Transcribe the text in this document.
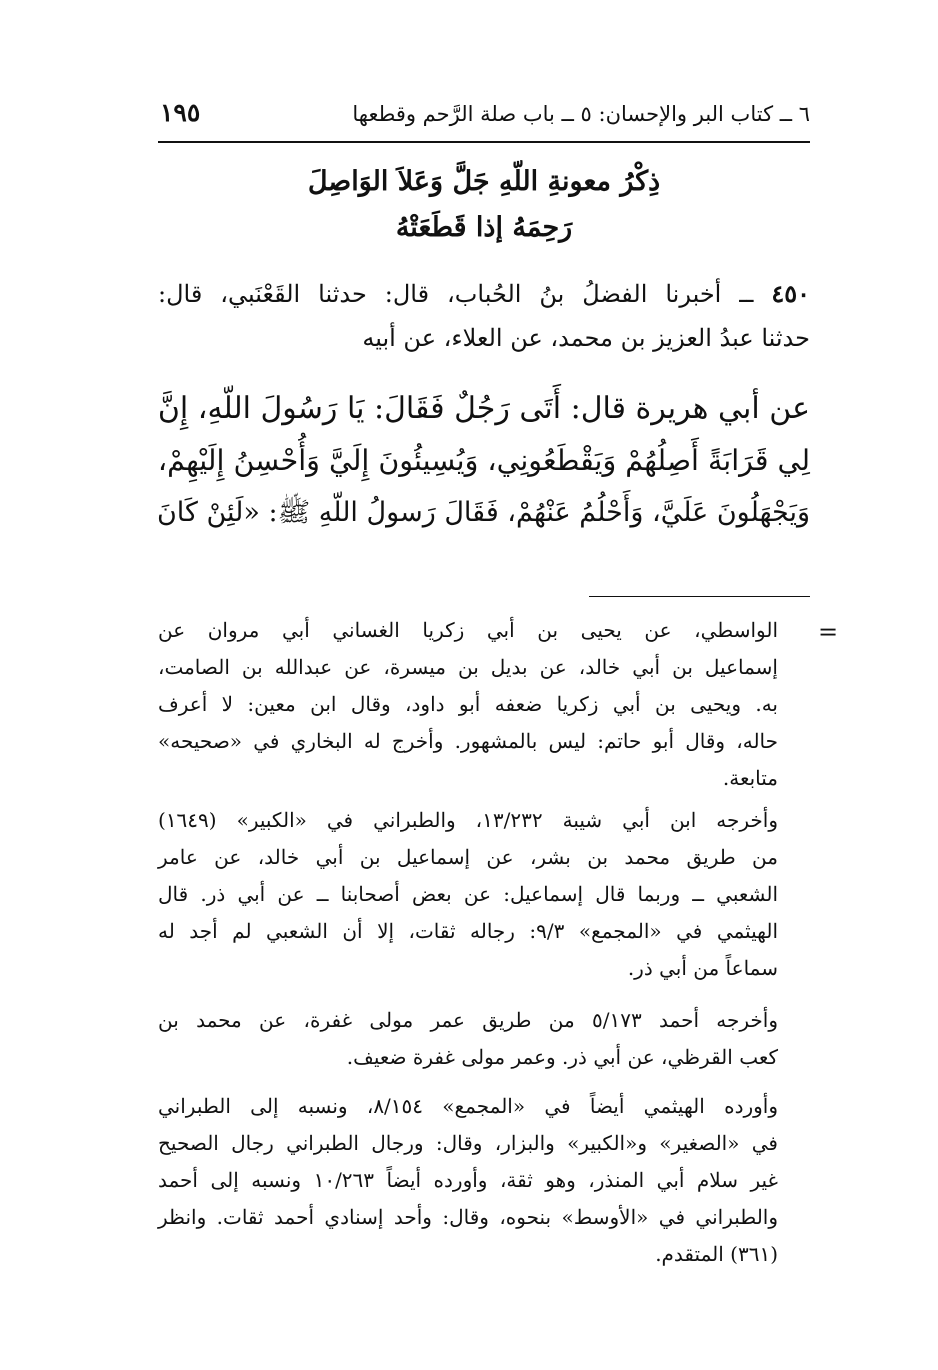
٦ ــ كتاب البر والإحسان: ٥ ــ باب صلة الرَّحم وقطعها
١٩٥
ذِكْرُ معونةِ اللّهِ جَلَّ وَعَلاَ الوَاصِلَ
رَحِمَهُ إذا قَطَعَتْهُ
٤٥٠ ــ أخبرنا الفضلُ بنُ الحُباب، قال: حدثنا القَعْنَبي، قال:
حدثنا عبدُ العزيز بن محمد، عن العلاء، عن أبيه
عن أبي هريرة قال: أَتَى رَجُلٌ فَقَالَ: يَا رَسُولَ اللّهِ، إِنَّ
لِي قَرَابَةً أَصِلُهُمْ وَيَقْطَعُونِي، وَيُسِيئُونَ إِلَيَّ وَأُحْسِنُ إِلَيْهِمْ،
وَيَجْهَلُونَ عَلَيَّ، وَأَحْلُمُ عَنْهُمْ، فَقَالَ رَسولُ اللّهِ ﷺ: «لَئِنْ كَانَ
=
الواسطي، عن يحيى بن أبي زكريا الغساني أبي مروان عن
إسماعيل بن أبي خالد، عن بديل بن ميسرة، عن عبدالله بن الصامت،
به. ويحيى بن أبي زكريا ضعفه أبو داود، وقال ابن معين: لا أعرف
حاله، وقال أبو حاتم: ليس بالمشهور. وأخرج له البخاري في «صحيحه»
متابعة.
وأخرجه ابن أبي شيبة ١٣/٢٣٢، والطبراني في «الكبير» (١٦٤٩)
من طريق محمد بن بشر، عن إسماعيل بن أبي خالد، عن عامر
الشعبي ــ وربما قال إسماعيل: عن بعض أصحابنا ــ عن أبي ذر. قال
الهيثمي في «المجمع» ٩/٣: رجاله ثقات، إلا أن الشعبي لم أجد له
سماعاً من أبي ذر.
وأخرجه أحمد ٥/١٧٣ من طريق عمر مولى غفرة، عن محمد بن
كعب القرظي، عن أبي ذر. وعمر مولى غفرة ضعيف.
وأورده الهيثمي أيضاً في «المجمع» ٨/١٥٤، ونسبه إلى الطبراني
في «الصغير» و«الكبير» والبزار، وقال: ورجال الطبراني رجال الصحيح
غير سلام أبي المنذر، وهو ثقة، وأورده أيضاً ١٠/٢٦٣ ونسبه إلى أحمد
والطبراني في «الأوسط» بنحوه، وقال: وأحد إسنادي أحمد ثقات. وانظر
(٣٦١) المتقدم.
